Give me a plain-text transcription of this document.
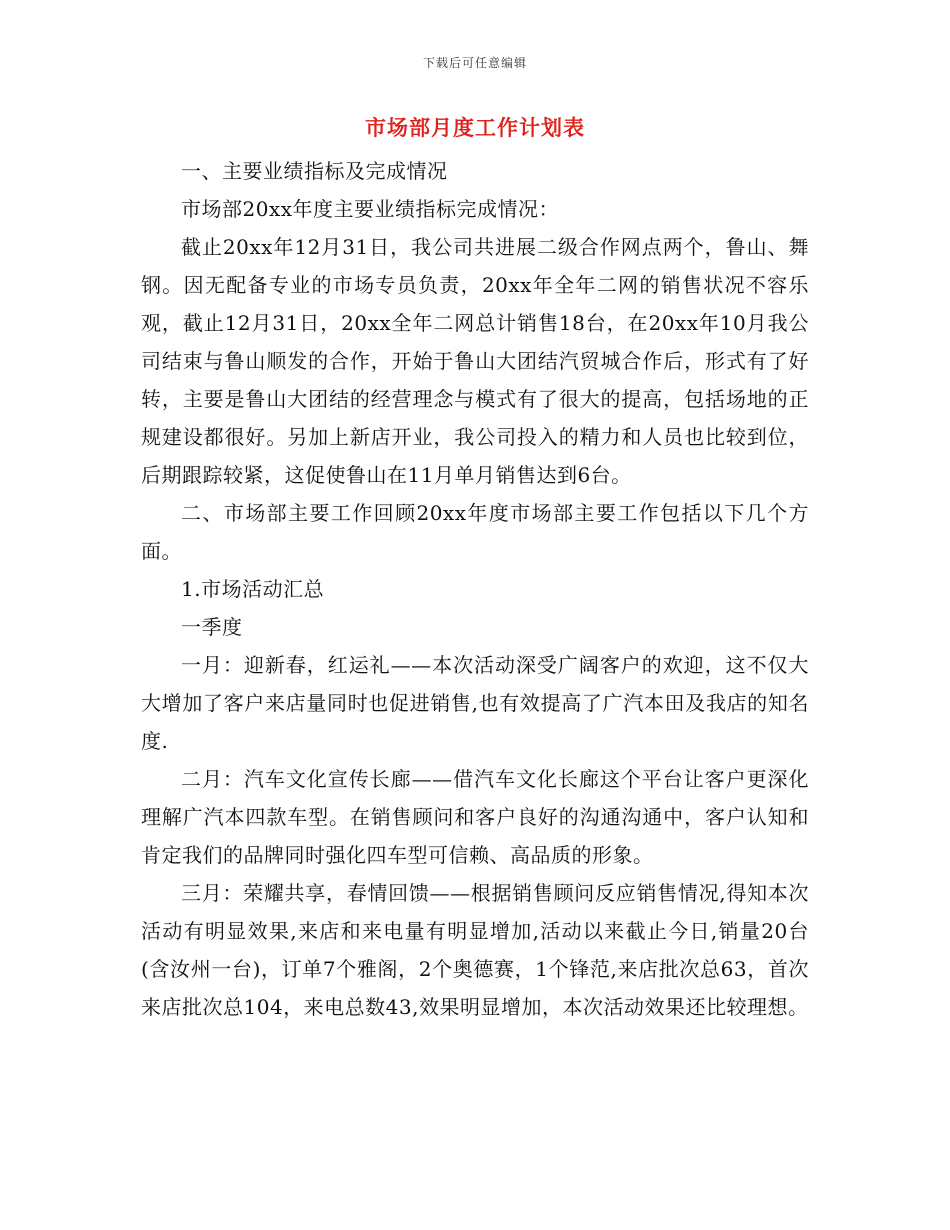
下载后可任意编辑
市场部月度工作计划表

一、主要业绩指标及完成情况

市场部20xx年度主要业绩指标完成情况：

截止20xx年12月31日，我公司共进展二级合作网点两个，鲁山、舞钢。因无配备专业的市场专员负责，20xx年全年二网的销售状况不容乐观，截止12月31日，20xx全年二网总计销售18台，在20xx年10月我公司结束与鲁山顺发的合作，开始于鲁山大团结汽贸城合作后，形式有了好转，主要是鲁山大团结的经营理念与模式有了很大的提高，包括场地的正规建设都很好。另加上新店开业，我公司投入的精力和人员也比较到位，后期跟踪较紧，这促使鲁山在11月单月销售达到6台。

二、市场部主要工作回顾20xx年度市场部主要工作包括以下几个方面。

1.市场活动汇总

一季度

一月：迎新春，红运礼——本次活动深受广阔客户的欢迎，这不仅大大增加了客户来店量同时也促进销售,也有效提高了广汽本田及我店的知名度.

二月：汽车文化宣传长廊——借汽车文化长廊这个平台让客户更深化理解广汽本四款车型。在销售顾问和客户良好的沟通沟通中，客户认知和肯定我们的品牌同时强化四车型可信赖、高品质的形象。

三月：荣耀共享，春情回馈——根据销售顾问反应销售情况,得知本次活动有明显效果,来店和来电量有明显增加,活动以来截止今日,销量20台(含汝州一台)，订单7个雅阁，2个奥德赛，1个锋范,来店批次总63，首次来店批次总104，来电总数43,效果明显增加，本次活动效果还比较理想。
